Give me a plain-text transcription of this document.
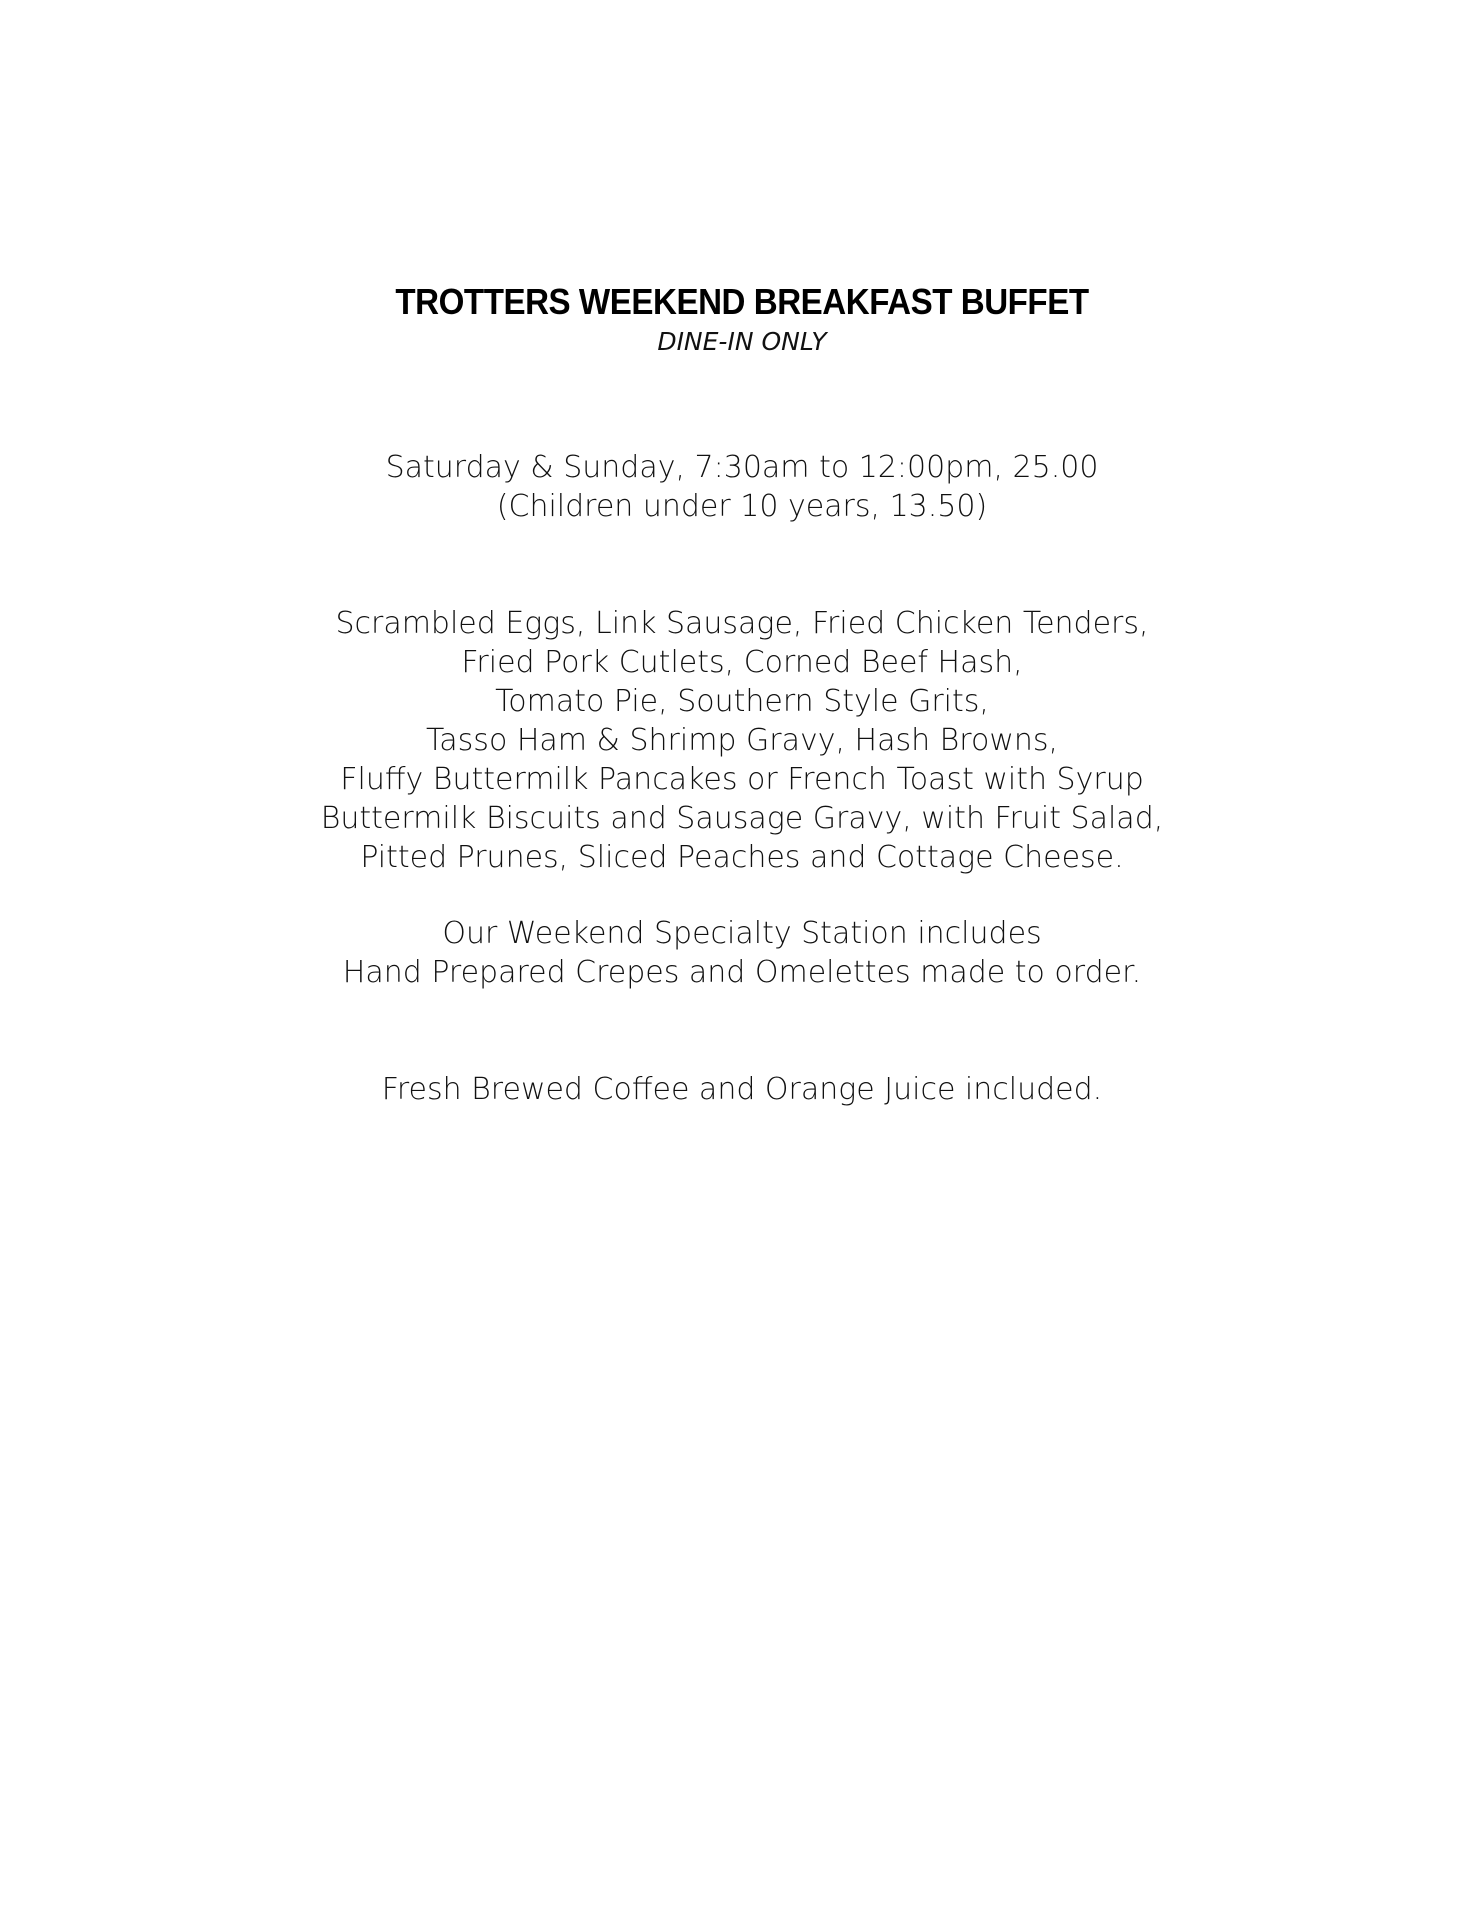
TROTTERS WEEKEND BREAKFAST BUFFET

DINE-IN ONLY

Saturday & Sunday, 7:30am to 12:00pm, 25.00
(Children under 10 years, 13.50)
Scrambled Eggs, Link Sausage, Fried Chicken Tenders,
Fried Pork Cutlets, Corned Beef Hash,
Tomato Pie, Southern Style Grits,
Tasso Ham & Shrimp Gravy, Hash Browns,
Fluffy Buttermilk Pancakes or French Toast with Syrup
Buttermilk Biscuits and Sausage Gravy, with Fruit Salad,
Pitted Prunes, Sliced Peaches and Cottage Cheese.
Our Weekend Specialty Station includes
Hand Prepared Crepes and Omelettes made to order.
Fresh Brewed Coffee and Orange Juice included.
